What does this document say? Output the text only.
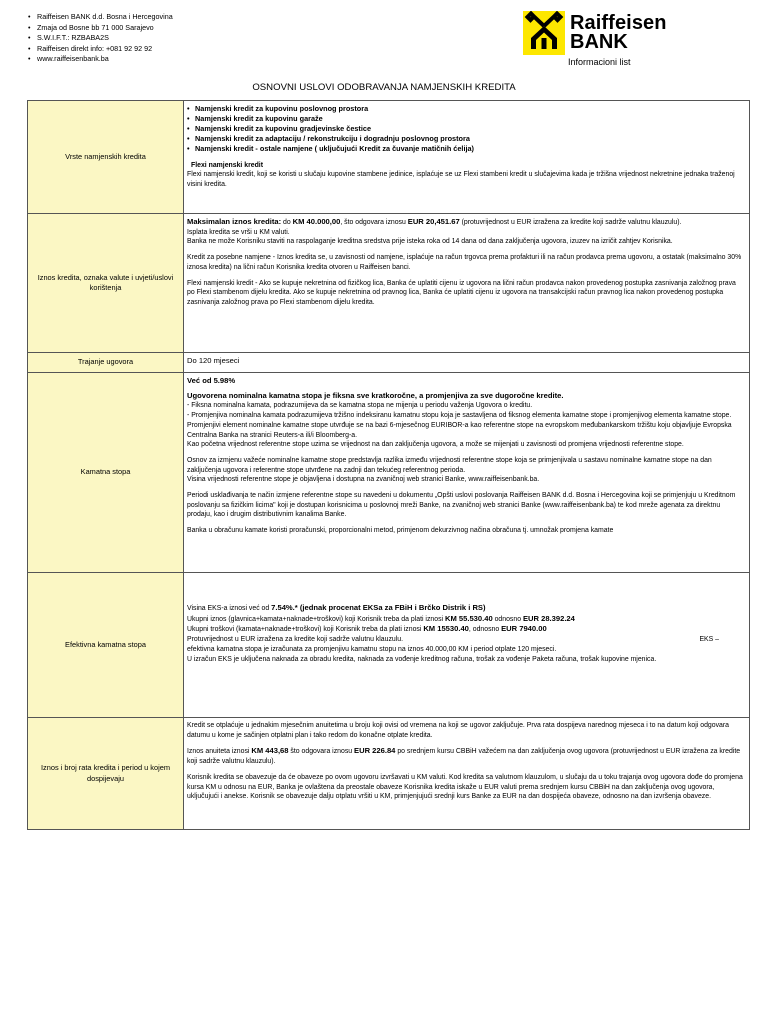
• Raiffeisen BANK d.d. Bosna i Hercegovina
• Zmaja od Bosne bb 71 000 Sarajevo
• S.W.I.F.T.: RZBABA2S
• Raiffeisen direkt info: +081 92 92 92
• www.raiffeisenbank.ba
Raiffeisen
BANK
Informacioni list
OSNOVNI USLOVI ODOBRAVANJA NAMJENSKIH KREDITA
Vrste namjenskih kredita
• Namjenski kredit za kupovinu poslovnog prostora
• Namjenski kredit za kupovinu garaže
• Namjenski kredit za kupovinu gradjevinske čestice
• Namjenski kredit za adaptaciju / rekonstrukciju i dogradnju poslovnog prostora
• Namjenski kredit - ostale namjene ( uključujući Kredit za čuvanje matičnih ćelija)

Flexi namjenski kredit

Flexi namjenski kredit, koji se koristi u slučaju kupovine stambene jedinice, isplaćuje se uz Flexi stambeni kredit u slučajevima kada je tržišna vrijednost nekretnine jednaka traženoj visini kredita.

Iznos kredita, oznaka valute i uvjeti/uslovi korištenja

Maksimalan iznos kredita: do KM 40.000,00, što odgovara iznosu EUR 20,451.67 (protuvrijednost u EUR izražena za kredite koji sadrže valutnu klauzulu).

Isplata kredita se vrši u KM valuti.

Banka ne može Korisniku staviti na raspolaganje kreditna sredstva prije isteka roka od 14 dana od dana zaključenja ugovora, izuzev na izričit zahtjev Korisnika.

Kredit za posebne namjene - Iznos kredita se, u zavisnosti od namjene, isplaćuje na račun trgovca prema profakturi ili na račun prodavca prema ugovoru, a ostatak (maksimalno 30% iznosa kredita) na lični račun Korisnika kredita otvoren u Raiffeisen banci.

Flexi namjenski kredit - Ako se kupuje nekretnina od fizičkog lica, Banka će uplatiti cijenu iz ugovora na lični račun prodavca nakon provedenog postupka zasnivanja založnog prava po Flexi stambenom dijelu kredita. Ako se kupuje nekretnina od pravnog lica, Banka će uplatiti cijenu iz ugovora na transakcijski račun pravnog lica nakon provedenog postupka zasnivanja založnog prava po Flexi stambenom dijelu kredita.

Trajanje ugovora	Do 120 mjeseci

Kamatna stopa

Već od 5.98%

Ugovorena nominalna kamatna stopa je fiksna sve kratkoročne, a promjenjiva za sve dugoročne kredite.

- Fiksna nominalna kamata, podrazumijeva da se kamatna stopa ne mijenja u periodu važenja Ugovora o kreditu.

- Promjenjiva nominalna kamata podrazumijeva tržišno indeksiranu kamatnu stopu koja je sastavljena od fiksnog elementa kamatne stope i promjenjivog elementa kamatne stope. Promjenjivi element nominalne kamatne stope utvrđuje se na bazi 6-mjesečnog EURIBOR-a kao referentne stope na evropskom međubankarskom tržištu koju objavljuje Evropska Centralna Banka na stranici Reuters-a ili/i Bloomberg-a.

Kao početna vrijednost referentne stope uzima se vrijednost na dan zaključenja ugovora, a može se mijenjati u zavisnosti od promjena vrijednosti referentne stope.

Osnov za izmjenu važeće nominalne kamatne stope predstavlja razlika između vrijednosti referentne stope koja se primjenjivala u sastavu nominalne kamatne stope na dan zaključenja ugovora i referentne stope utvrđene na zadnji dan tekućeg referentnog perioda.

Visina vrijednosti referentne stope je objavljena i dostupna na zvaničnoj web stranici Banke, www.raiffeisenbank.ba.

Periodi usklađivanja te način izmjene referentne stope su navedeni u dokumentu „Opšti uslovi poslovanja Raiffeisen BANK d.d. Bosna i Hercegovina koji se primjenjuju u Kreditnom poslovanju sa fizičkim licima" koji je dostupan korisnicima u poslovnoj mreži Banke, na zvaničnoj web stranici Banke (www.raiffeisenbank.ba) te kod mreže agenata za direktnu prodaju, kao i drugim distributivnim kanalima Banke.

Banka u obračunu kamate koristi proračunski, proporcionalni metod, primjenom dekurzivnog načina obračuna tj. umnožak promjena kamate

Efektivna kamatna stopa

Visina EKS-a iznosi već od 7.54%.* (jednak procenat EKSa za FBiH i Brčko Distrik i RS)

Ukupni iznos (glavnica+kamata+naknade+troškovi) koji Korisnik treba da plati iznosi KM 55.530.40 odnosno EUR 28.392.24

Ukupni troškovi (kamata+naknade+troškovi) koji Korisnik treba da plati iznosi KM 15530.40, odnosno EUR 7940.00

Protuvrijednost u EUR izražena za kredite koji sadrže valutnu klauzulu.	EKS –

efektivna kamatna stopa je izračunata za promjenjivu kamatnu stopu na iznos 40.000,00 KM i period otplate 120 mjeseci.

U izračun EKS je uključena naknada za obradu kredita, naknada za vođenje kreditnog računa, trošak za vođenje Paketa računa, trošak kupovine mjenica.

Iznos i broj rata kredita i period u kojem dospijevaju

Kredit se otplaćuje u jednakim mjesečnim anuitetima u broju koji ovisi od vremena na koji se ugovor zaključuje. Prva rata dospijeva narednog mjeseca i to na datum koji odgovara datumu u kome je sačinjen otplatni plan i tako redom do konačne otplate kredita.

Iznos anuiteta iznosi KM 443,68 što odgovara iznosu EUR 226.84 po srednjem kursu CBBiH važećem na dan zaključenja ovog ugovora (protuvrijednost u EUR izražena za kredite koji sadrže valutnu klauzulu).

Korisnik kredita se obavezuje da će obaveze po ovom ugovoru izvršavati u KM valuti. Kod kredita sa valutnom klauzulom, u slučaju da u toku trajanja ovog ugovora dođe do promjena kursa KM u odnosu na EUR, Banka je ovlaštena da preostale obaveze Korisnika kredita iskaže u EUR valuti prema srednjem kursu CBBiH na dan zaključenja ovog ugovora, uključujući i anekse. Korisnik se obavezuje dalju otplatu vršiti u KM, primjenjujući srednji kurs Banke za EUR na dan dospijeća obaveze, odnosno na dan izvršenja obaveze.
